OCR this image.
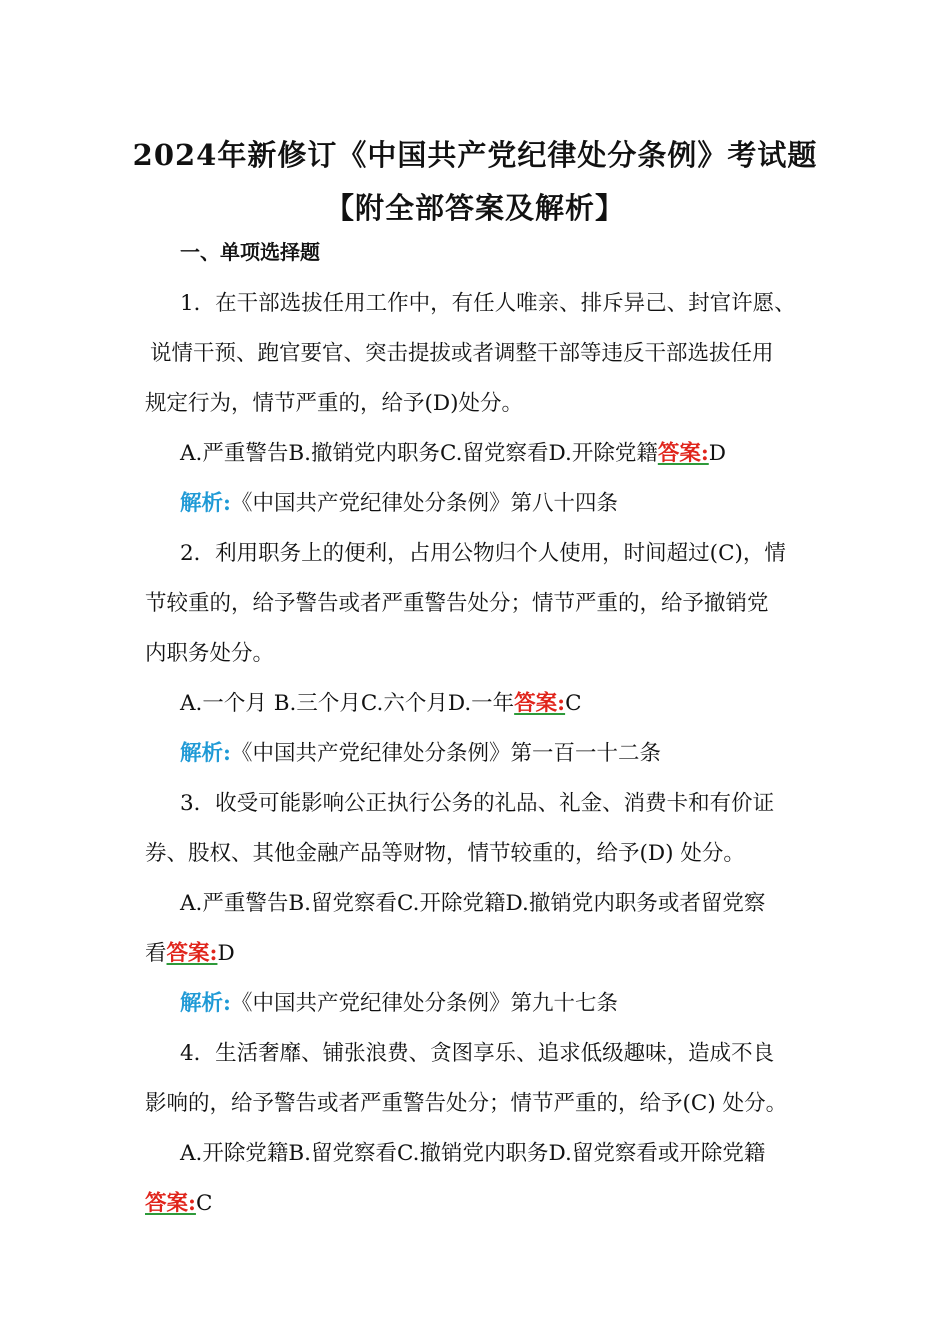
2024年新修订《中国共产党纪律处分条例》考试题
【附全部答案及解析】
一、单项选择题
1．在干部选拔任用工作中，有任人唯亲、排斥异己、封官许愿、
说情干预、跑官要官、突击提拔或者调整干部等违反干部选拔任用
规定行为，情节严重的，给予(D)处分。
A.严重警告B.撤销党内职务C.留党察看D.开除党籍答案:D
解析:《中国共产党纪律处分条例》第八十四条
2．利用职务上的便利，占用公物归个人使用，时间超过(C)，情
节较重的，给予警告或者严重警告处分；情节严重的，给予撤销党
内职务处分。
A.一个月 B.三个月C.六个月D.一年答案:C
解析:《中国共产党纪律处分条例》第一百一十二条
3．收受可能影响公正执行公务的礼品、礼金、消费卡和有价证
券、股权、其他金融产品等财物，情节较重的，给予(D) 处分。
A.严重警告B.留党察看C.开除党籍D.撤销党内职务或者留党察
看答案:D
解析:《中国共产党纪律处分条例》第九十七条
4．生活奢靡、铺张浪费、贪图享乐、追求低级趣味，造成不良
影响的，给予警告或者严重警告处分；情节严重的，给予(C) 处分。
A.开除党籍B.留党察看C.撤销党内职务D.留党察看或开除党籍
答案:C
